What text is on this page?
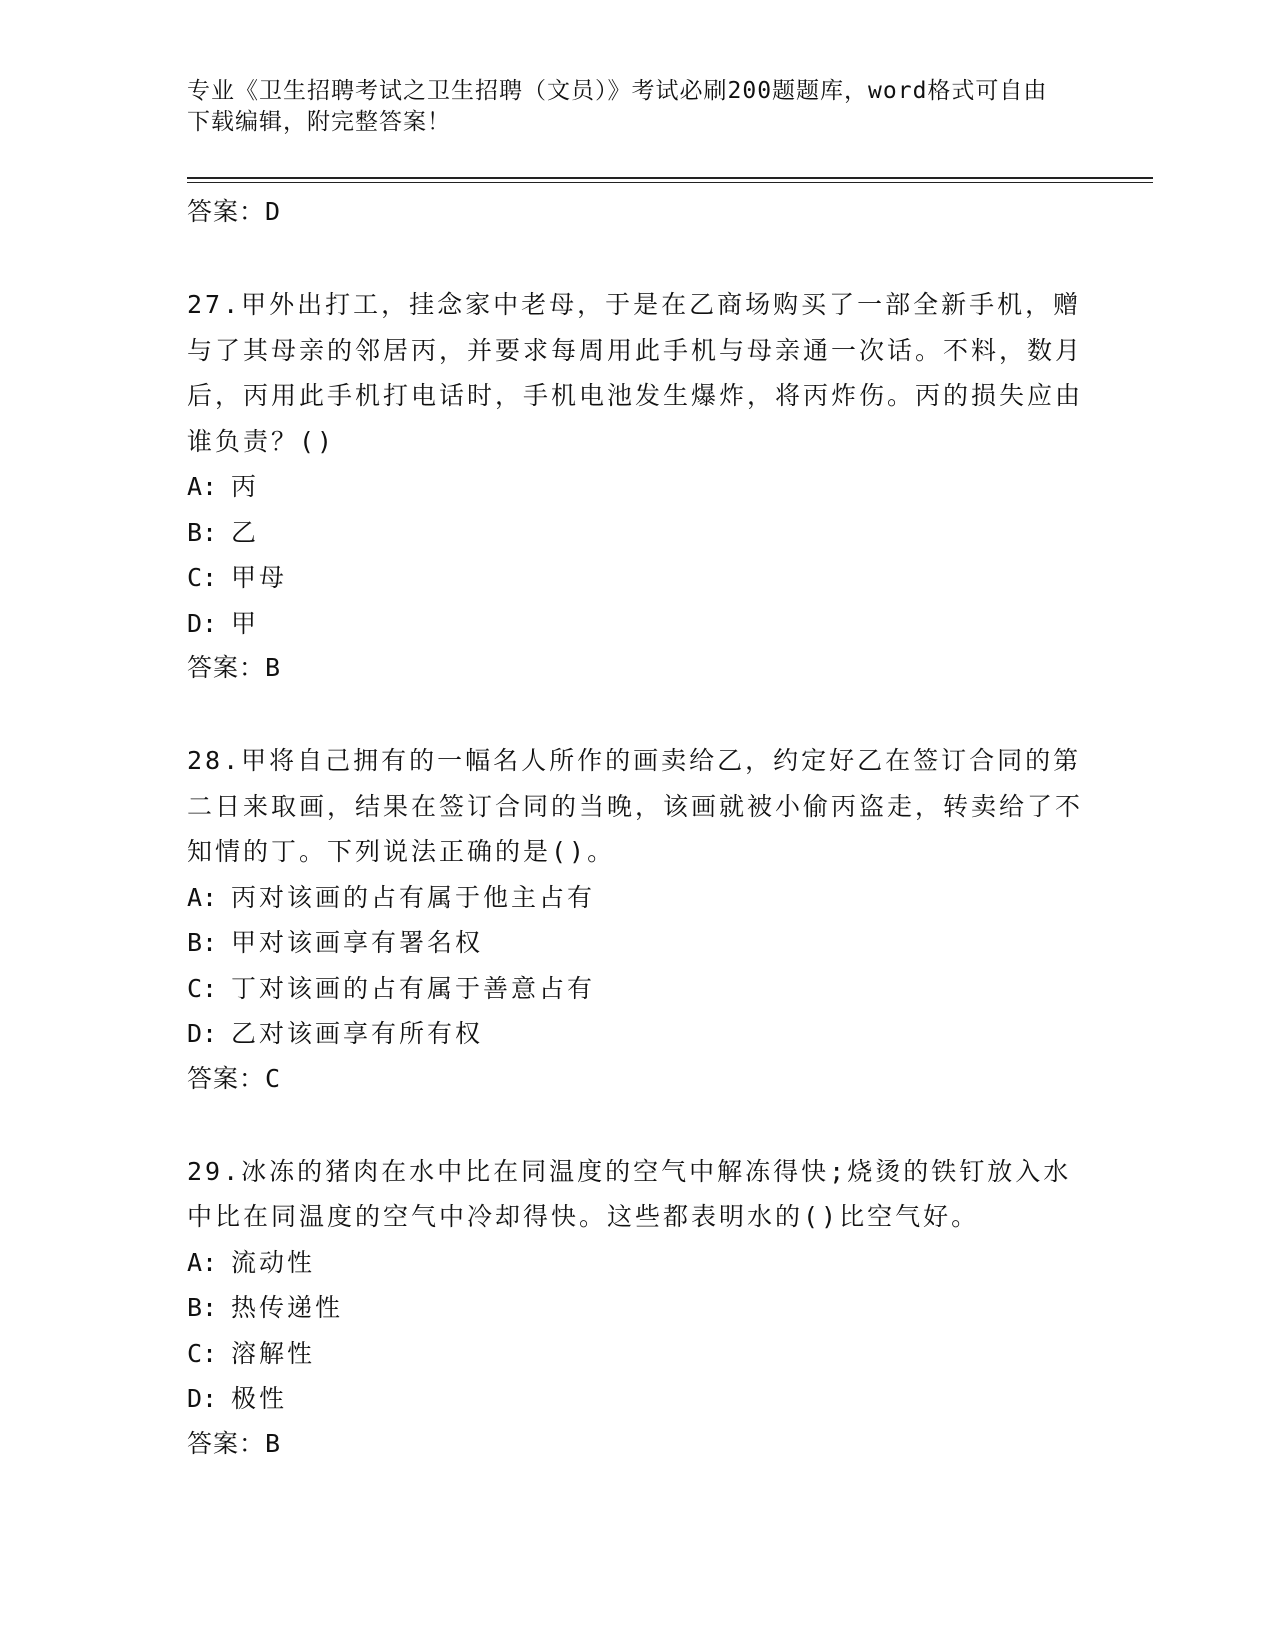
专业《卫生招聘考试之卫生招聘（文员）》考试必刷200题题库，word格式可自由下载编辑，附完整答案！
答案：D

27.甲外出打工，挂念家中老母，于是在乙商场购买了一部全新手机，赠与了其母亲的邻居丙，并要求每周用此手机与母亲通一次话。不料，数月后，丙用此手机打电话时，手机电池发生爆炸，将丙炸伤。丙的损失应由谁负责？()

A: 丙
B: 乙
C: 甲母
D: 甲
答案：B

28.甲将自己拥有的一幅名人所作的画卖给乙，约定好乙在签订合同的第二日来取画，结果在签订合同的当晚，该画就被小偷丙盗走，转卖给了不知情的丁。下列说法正确的是()。

A: 丙对该画的占有属于他主占有
B: 甲对该画享有署名权
C: 丁对该画的占有属于善意占有
D: 乙对该画享有所有权
答案：C

29.冰冻的猪肉在水中比在同温度的空气中解冻得快;烧烫的铁钉放入水中比在同温度的空气中冷却得快。这些都表明水的()比空气好。

A: 流动性
B: 热传递性
C: 溶解性
D: 极性
答案：B
